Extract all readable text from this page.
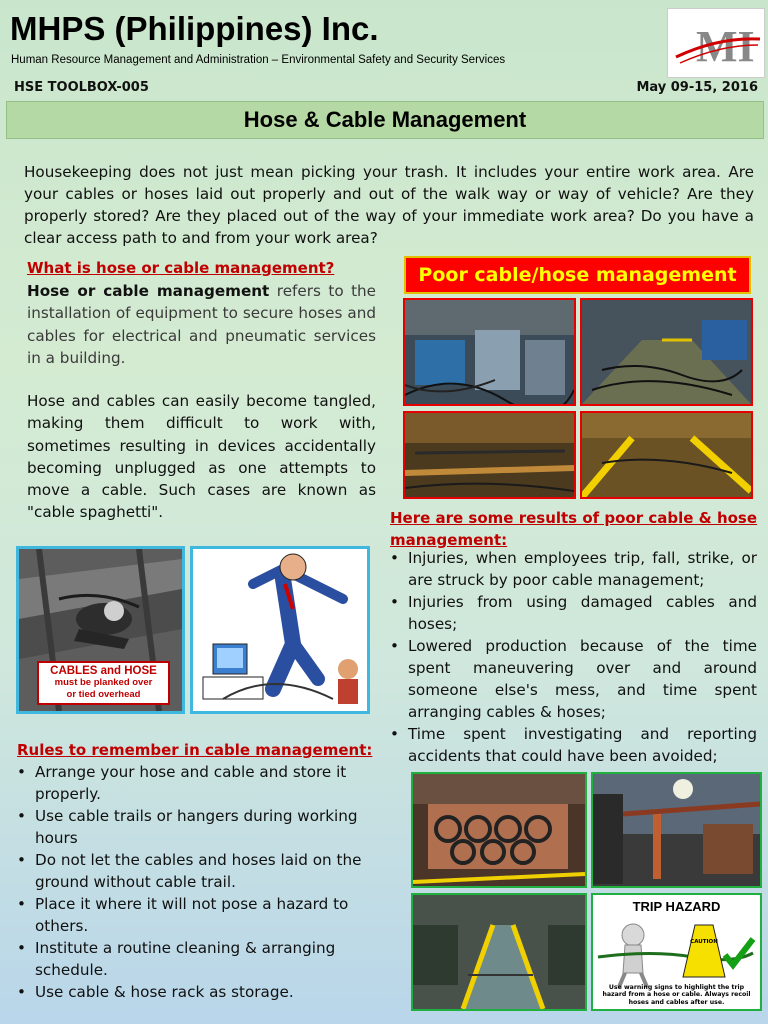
MHPS (Philippines) Inc.
Human Resource Management and Administration – Environmental Safety and Security Services	MI
HSE TOOLBOX-005	May 09-15, 2016
Hose & Cable Management

Housekeeping does not just mean picking your trash. It includes your entire work area. Are your cables or hoses laid out properly and out of the walk way or way of vehicle? Are they properly stored? Are they placed out of the way of your immediate work area? Do you have a clear access path to and from your work area?

What is hose or cable management?

Hose or cable management refers to the installation of equipment to secure hoses and cables for electrical and pneumatic services in a building.

Hose and cables can easily become tangled, making them difficult to work with, sometimes resulting in devices accidentally becoming unplugged as one attempts to move a cable. Such cases are known as "cable spaghetti".

CABLES and HOSE
must be planked over
or tied overhead
Rules to remember in cable management:
• Arrange your hose and cable and store it properly.
• Use cable trails or hangers during working hours
• Do not let the cables and hoses laid on the ground without cable trail.
• Place it where it will not pose a hazard to others.
• Institute a routine cleaning & arranging schedule.
• Use cable & hose rack as storage.
Poor cable/hose management
Here are some results of poor cable & hose management:
• Injuries, when employees trip, fall, strike, or are struck by poor cable management;
• Injuries from using damaged cables and hoses;
• Lowered production because of the time spent maneuvering over and around someone else's mess, and time spent arranging cables & hoses;
• Time spent investigating and reporting accidents that could have been avoided;
TRIP HAZARD
CAUTION
Use warning signs to highlight the trip hazard from a hose or cable. Always recoil hoses and cables after use.
